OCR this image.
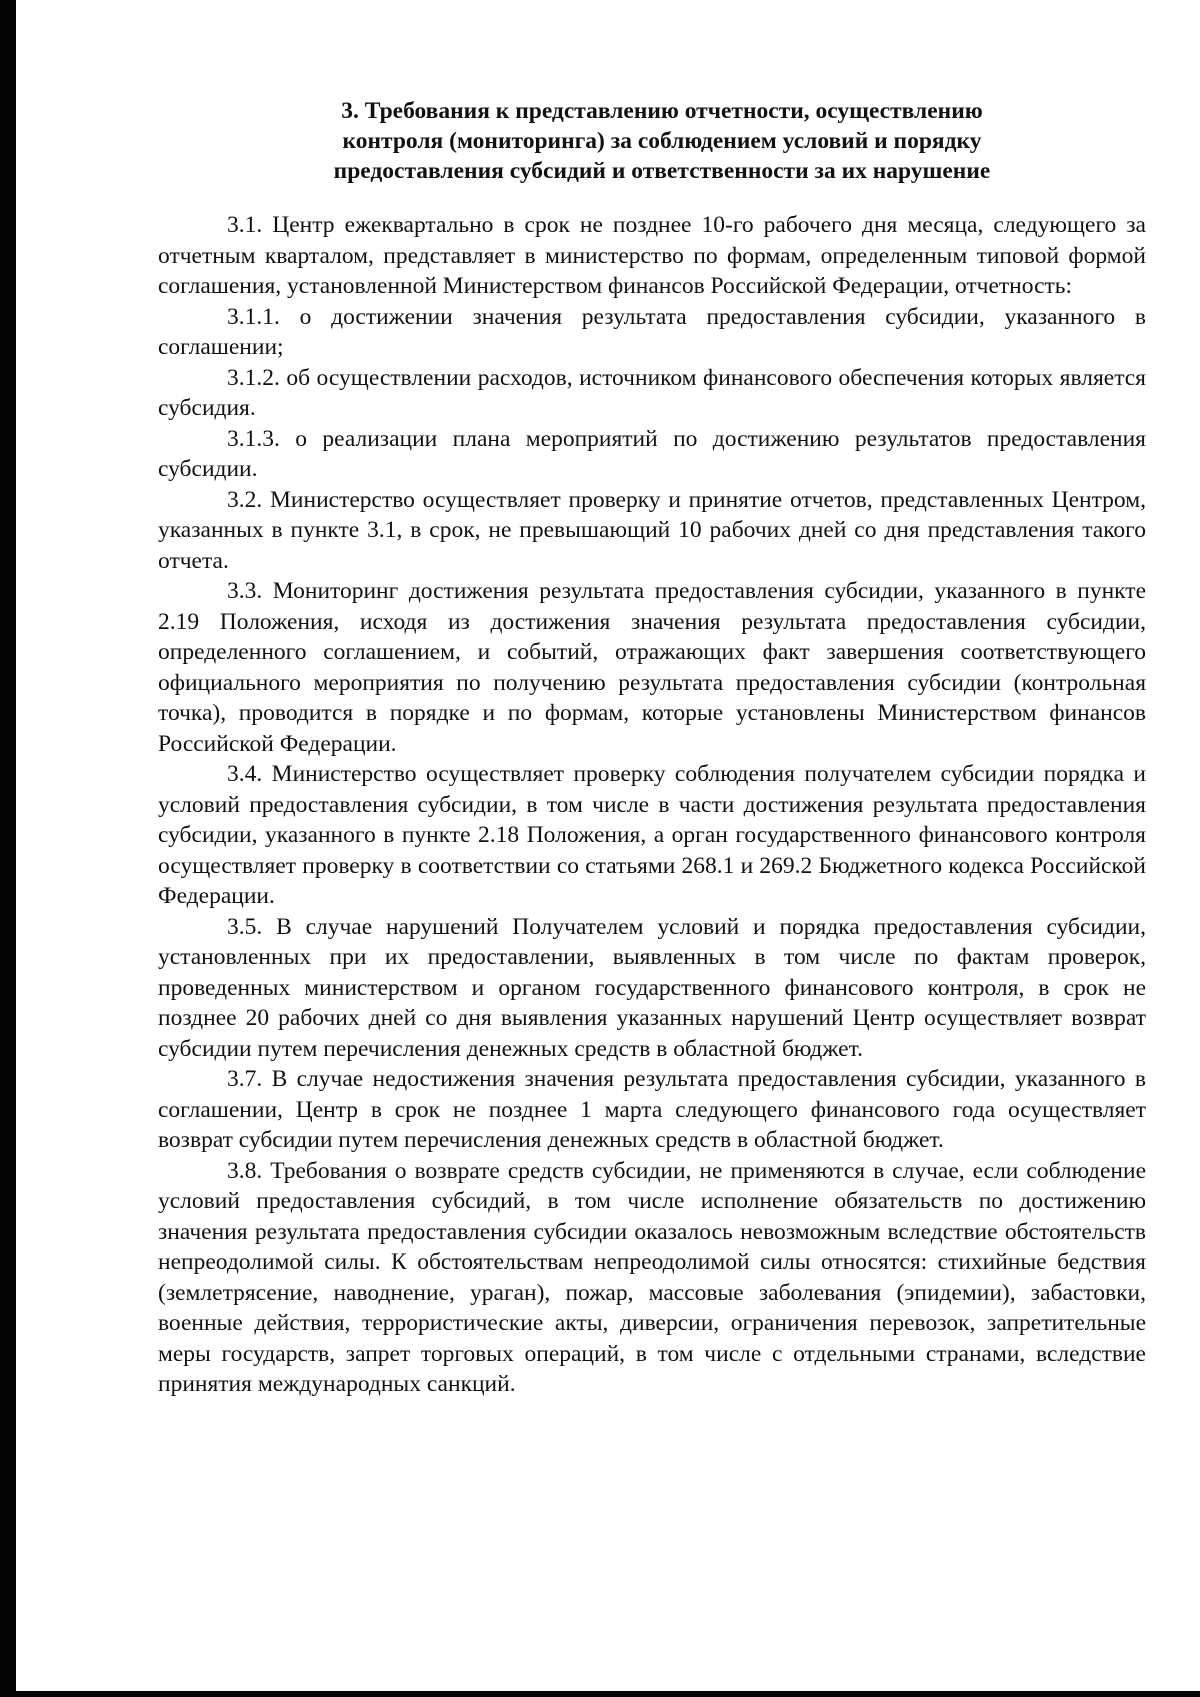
3. Требования к представлению отчетности, осуществлению
контроля (мониторинга) за соблюдением условий и порядку
предоставления субсидий и ответственности за их нарушение

3.1. Центр ежеквартально в срок не позднее 10-го рабочего дня месяца, следующего за отчетным кварталом, представляет в министерство по формам, определенным типовой формой соглашения, установленной Министерством финансов Российской Федерации, отчетность:

3.1.1. о достижении значения результата предоставления субсидии, указанного в соглашении;

3.1.2. об осуществлении расходов, источником финансового обеспечения которых является субсидия.

3.1.3. о реализации плана мероприятий по достижению результатов предоставления субсидии.

3.2. Министерство осуществляет проверку и принятие отчетов, представленных Центром, указанных в пункте 3.1, в срок, не превышающий 10 рабочих дней со дня представления такого отчета.

3.3. Мониторинг достижения результата предоставления субсидии, указанного в пункте 2.19 Положения, исходя из достижения значения результата предоставления субсидии, определенного соглашением, и событий, отражающих факт завершения соответствующего официального мероприятия по получению результата предоставления субсидии (контрольная точка), проводится в порядке и по формам, которые установлены Министерством финансов Российской Федерации.

3.4. Министерство осуществляет проверку соблюдения получателем субсидии порядка и условий предоставления субсидии, в том числе в части достижения результата предоставления субсидии, указанного в пункте 2.18 Положения, а орган государственного финансового контроля осуществляет проверку в соответствии со статьями 268.1 и 269.2 Бюджетного кодекса Российской Федерации.

3.5. В случае нарушений Получателем условий и порядка предоставления субсидии, установленных при их предоставлении, выявленных в том числе по фактам проверок, проведенных министерством и органом государственного финансового контроля, в срок не позднее 20 рабочих дней со дня выявления указанных нарушений Центр осуществляет возврат субсидии путем перечисления денежных средств в областной бюджет.

3.7. В случае недостижения значения результата предоставления субсидии, указанного в соглашении, Центр в срок не позднее 1 марта следующего финансового года осуществляет возврат субсидии путем перечисления денежных средств в областной бюджет.

3.8. Требования о возврате средств субсидии, не применяются в случае, если соблюдение условий предоставления субсидий, в том числе исполнение обязательств по достижению значения результата предоставления субсидии оказалось невозможным вследствие обстоятельств непреодолимой силы. К обстоятельствам непреодолимой силы относятся: стихийные бедствия (землетрясение, наводнение, ураган), пожар, массовые заболевания (эпидемии), забастовки, военные действия, террористические акты, диверсии, ограничения перевозок, запретительные меры государств, запрет торговых операций, в том числе с отдельными странами, вследствие принятия международных санкций.
